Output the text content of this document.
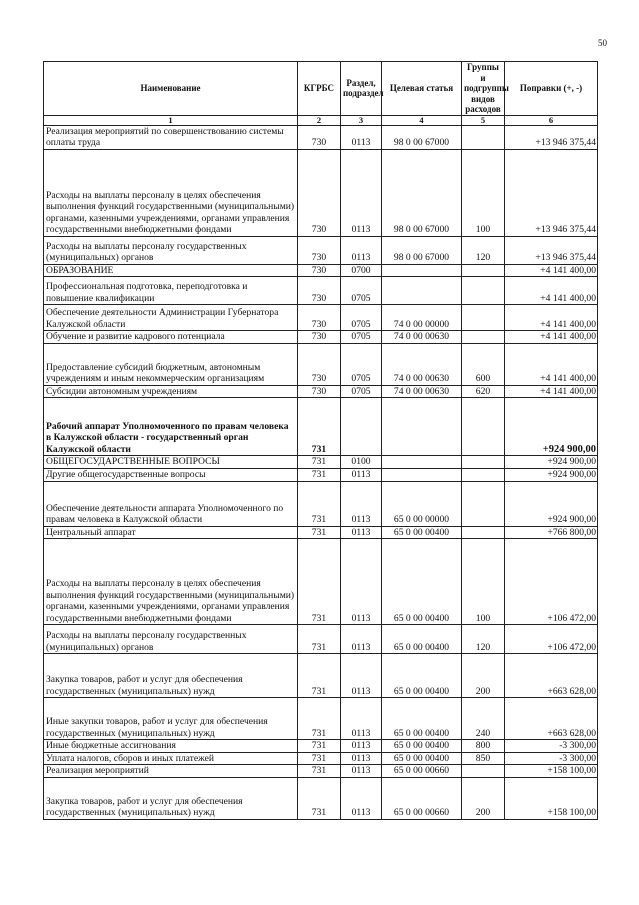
50
Наименование	КГРБС	Раздел, подраздел	Целевая статья	Группы и подгруппы видов расходов	Поправки (+, -)
1	2	3	4	5	6
Реализация мероприятий по совершенствованию системы оплаты труда	730	0113	98 0 00 67000		+13 946 375,44
Расходы на выплаты персоналу в целях обеспечения выполнения функций государственными (муниципальными) органами, казенными учреждениями, органами управления государственными внебюджетными фондами	730	0113	98 0 00 67000	100	+13 946 375,44
Расходы на выплаты персоналу государственных (муниципальных) органов	730	0113	98 0 00 67000	120	+13 946 375,44
ОБРАЗОВАНИЕ	730	0700			+4 141 400,00
Профессиональная подготовка, переподготовка и повышение квалификации	730	0705			+4 141 400,00
Обеспечение деятельности Администрации Губернатора Калужской области	730	0705	74 0 00 00000		+4 141 400,00
Обучение и развитие кадрового потенциала	730	0705	74 0 00 00630		+4 141 400,00
Предоставление субсидий бюджетным, автономным учреждениям и иным некоммерческим организациям	730	0705	74 0 00 00630	600	+4 141 400,00
Субсидии автономным учреждениям	730	0705	74 0 00 00630	620	+4 141 400,00
Рабочий аппарат Уполномоченного по правам человека в Калужской области - государственный орган Калужской области	731				+924 900,00
ОБЩЕГОСУДАРСТВЕННЫЕ ВОПРОСЫ	731	0100			+924 900,00
Другие общегосударственные вопросы	731	0113			+924 900,00
Обеспечение деятельности аппарата Уполномоченного по правам человека в Калужской области	731	0113	65 0 00 00000		+924 900,00
Центральный аппарат	731	0113	65 0 00 00400		+766 800,00
Расходы на выплаты персоналу в целях обеспечения выполнения функций государственными (муниципальными) органами, казенными учреждениями, органами управления государственными внебюджетными фондами	731	0113	65 0 00 00400	100	+106 472,00
Расходы на выплаты персоналу государственных (муниципальных) органов	731	0113	65 0 00 00400	120	+106 472,00
Закупка товаров, работ и услуг для обеспечения государственных (муниципальных) нужд	731	0113	65 0 00 00400	200	+663 628,00
Иные закупки товаров, работ и услуг для обеспечения государственных (муниципальных) нужд	731	0113	65 0 00 00400	240	+663 628,00
Иные бюджетные ассигнования	731	0113	65 0 00 00400	800	-3 300,00
Уплата налогов, сборов и иных платежей	731	0113	65 0 00 00400	850	-3 300,00
Реализация мероприятий	731	0113	65 0 00 00660		+158 100,00
Закупка товаров, работ и услуг для обеспечения государственных (муниципальных) нужд	731	0113	65 0 00 00660	200	+158 100,00
